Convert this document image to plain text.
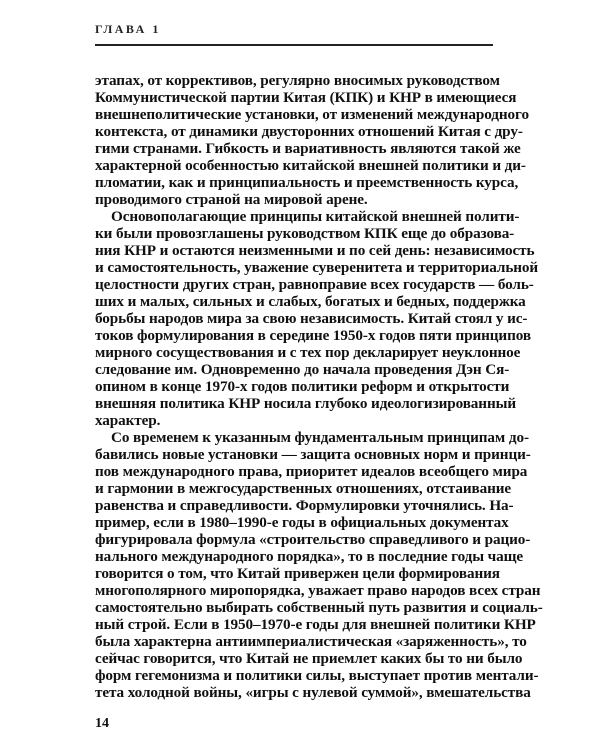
ГЛАВА 1
этапах, от коррективов, регулярно вносимых руководством
Коммунистической партии Китая (КПК) и КНР в имеющиеся
внешнеполитические установки, от изменений международного
контекста, от динамики двусторонних отношений Китая с дру-
гими странами. Гибкость и вариативность являются такой же
характерной особенностью китайской внешней политики и ди-
пломатии, как и принципиальность и преемственность курса,
проводимого страной на мировой арене.
Основополагающие принципы китайской внешней полити-
ки были провозглашены руководством КПК еще до образова-
ния КНР и остаются неизменными и по сей день: независимость
и самостоятельность, уважение суверенитета и территориальной
целостности других стран, равноправие всех государств — боль-
ших и малых, сильных и слабых, богатых и бедных, поддержка
борьбы народов мира за свою независимость. Китай стоял у ис-
токов формулирования в середине 1950-х годов пяти принципов
мирного сосуществования и с тех пор декларирует неуклонное
следование им. Одновременно до начала проведения Дэн Ся-
опином в конце 1970-х годов политики реформ и открытости
внешняя политика КНР носила глубоко идеологизированный
характер.
Со временем к указанным фундаментальным принципам до-
бавились новые установки — защита основных норм и принци-
пов международного права, приоритет идеалов всеобщего мира
и гармонии в межгосударственных отношениях, отстаивание
равенства и справедливости. Формулировки уточнялись. На-
пример, если в 1980–1990-е годы в официальных документах
фигурировала формула «строительство справедливого и рацио-
нального международного порядка», то в последние годы чаще
говорится о том, что Китай привержен цели формирования
многополярного миропорядка, уважает право народов всех стран
самостоятельно выбирать собственный путь развития и социаль-
ный строй. Если в 1950–1970-е годы для внешней политики КНР
была характерна антиимпериалистическая «заряженность», то
сейчас говорится, что Китай не приемлет каких бы то ни было
форм гегемонизма и политики силы, выступает против ментали-
тета холодной войны, «игры с нулевой суммой», вмешательства
14
